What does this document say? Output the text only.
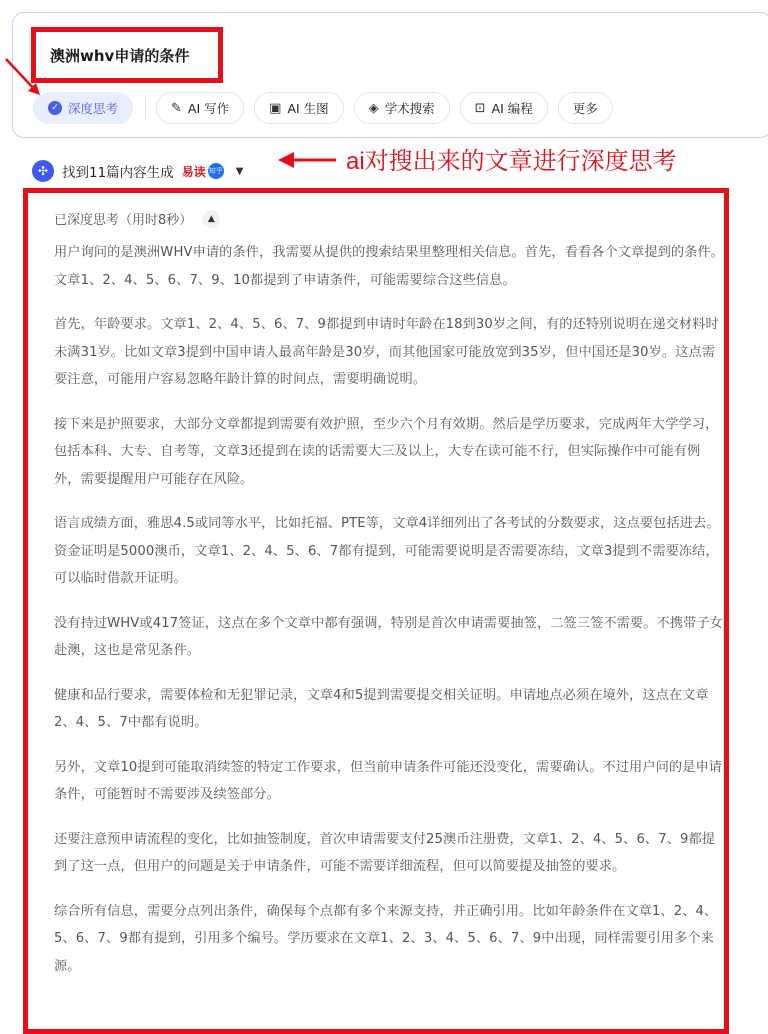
澳洲whv申请的条件
✓ 深度思考	✎ AI 写作	▣ AI 生图	◈ 学术搜索	⊡ AI 编程	更多
✣	找到11篇内容生成 易读 知乎 ▼	ai对搜出来的文章进行深度思考
已深度思考（用时8秒）	▲

用户询问的是澳洲WHV申请的条件，我需要从提供的搜索结果里整理相关信息。首先，看看各个文章提到的条件。文章1、2、4、5、6、7、9、10都提到了申请条件，可能需要综合这些信息。

首先，年龄要求。文章1、2、4、5、6、7、9都提到申请时年龄在18到30岁之间，有的还特别说明在递交材料时未满31岁。比如文章3提到中国申请人最高年龄是30岁，而其他国家可能放宽到35岁，但中国还是30岁。这点需要注意，可能用户容易忽略年龄计算的时间点，需要明确说明。

接下来是护照要求，大部分文章都提到需要有效护照，至少六个月有效期。然后是学历要求，完成两年大学学习，包括本科、大专、自考等，文章3还提到在读的话需要大三及以上，大专在读可能不行，但实际操作中可能有例外，需要提醒用户可能存在风险。

语言成绩方面，雅思4.5或同等水平，比如托福、PTE等，文章4详细列出了各考试的分数要求，这点要包括进去。资金证明是5000澳币，文章1、2、4、5、6、7都有提到，可能需要说明是否需要冻结，文章3提到不需要冻结，可以临时借款开证明。

没有持过WHV或417签证，这点在多个文章中都有强调，特别是首次申请需要抽签，二签三签不需要。不携带子女赴澳，这也是常见条件。

健康和品行要求，需要体检和无犯罪记录，文章4和5提到需要提交相关证明。申请地点必须在境外，这点在文章2、4、5、7中都有说明。

另外，文章10提到可能取消续签的特定工作要求，但当前申请条件可能还没变化，需要确认。不过用户问的是申请条件，可能暂时不需要涉及续签部分。

还要注意预申请流程的变化，比如抽签制度，首次申请需要支付25澳币注册费，文章1、2、4、5、6、7、9都提到了这一点，但用户的问题是关于申请条件，可能不需要详细流程，但可以简要提及抽签的要求。

综合所有信息，需要分点列出条件，确保每个点都有多个来源支持，并正确引用。比如年龄条件在文章1、2、4、5、6、7、9都有提到，引用多个编号。学历要求在文章1、2、3、4、5、6、7、9中出现，同样需要引用多个来源。
